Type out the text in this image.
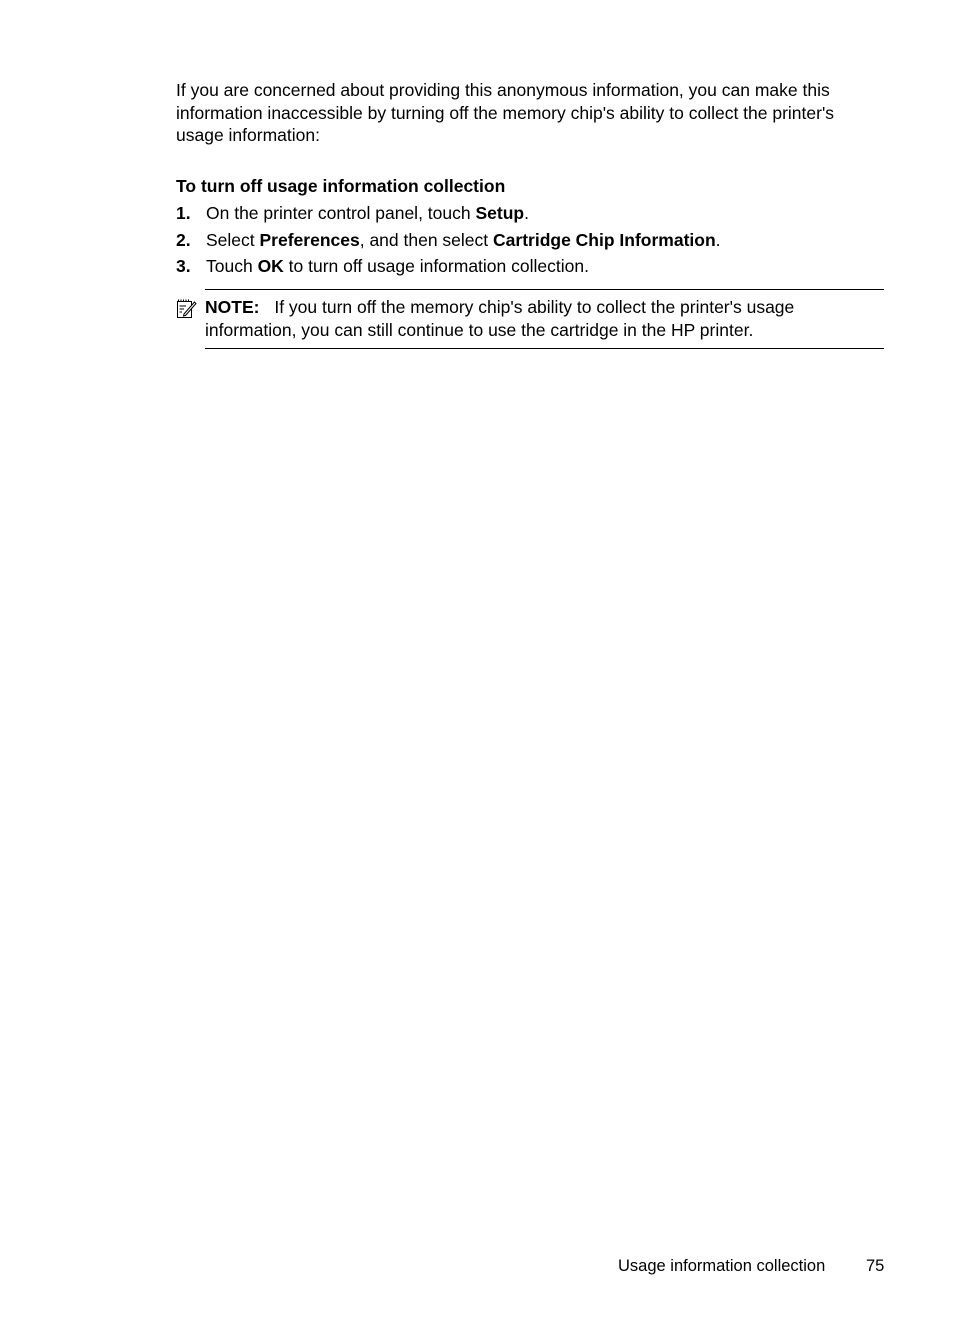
If you are concerned about providing this anonymous information, you can make this information inaccessible by turning off the memory chip's ability to collect the printer's usage information:

To turn off usage information collection

1. On the printer control panel, touch Setup.
2. Select Preferences, and then select Cartridge Chip Information.
3. Touch OK to turn off usage information collection.

NOTE: If you turn off the memory chip's ability to collect the printer's usage information, you can still continue to use the cartridge in the HP printer.

Usage information collection 75
